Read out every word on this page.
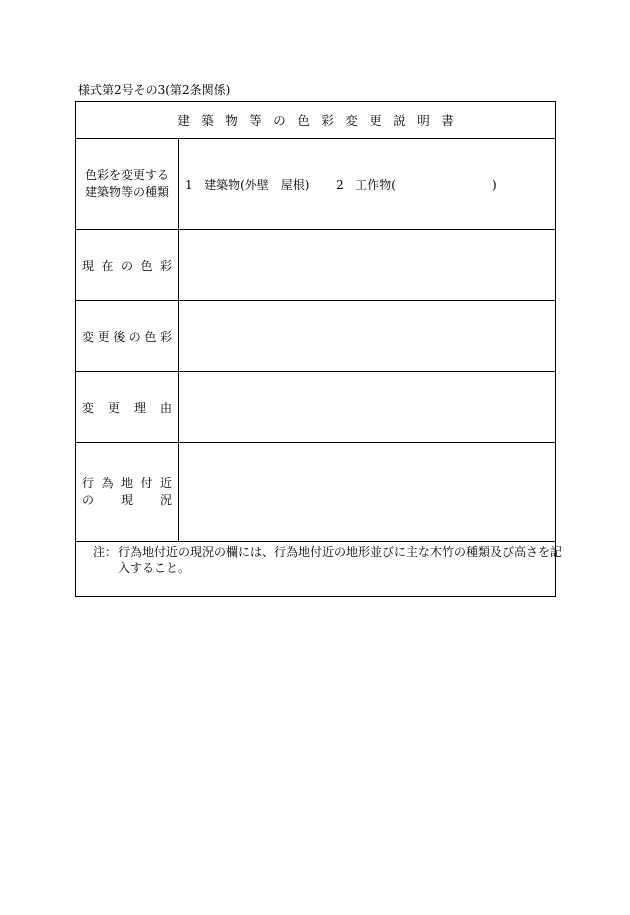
様式第2号その3(第2条関係)
建築物等の色彩変更説明書
色彩を変更する
建築物等の種類 1 建築物(外壁　屋根) 2 工作物(　　　　　　　　)
現 在 の 色 彩
変 更 後 の 色 彩
変 更 理 由
行 為 地 付 近
の 現 況
注： 行為地付近の現況の欄には、行為地付近の地形並びに主な木竹の種類及び高さを記
入すること。
